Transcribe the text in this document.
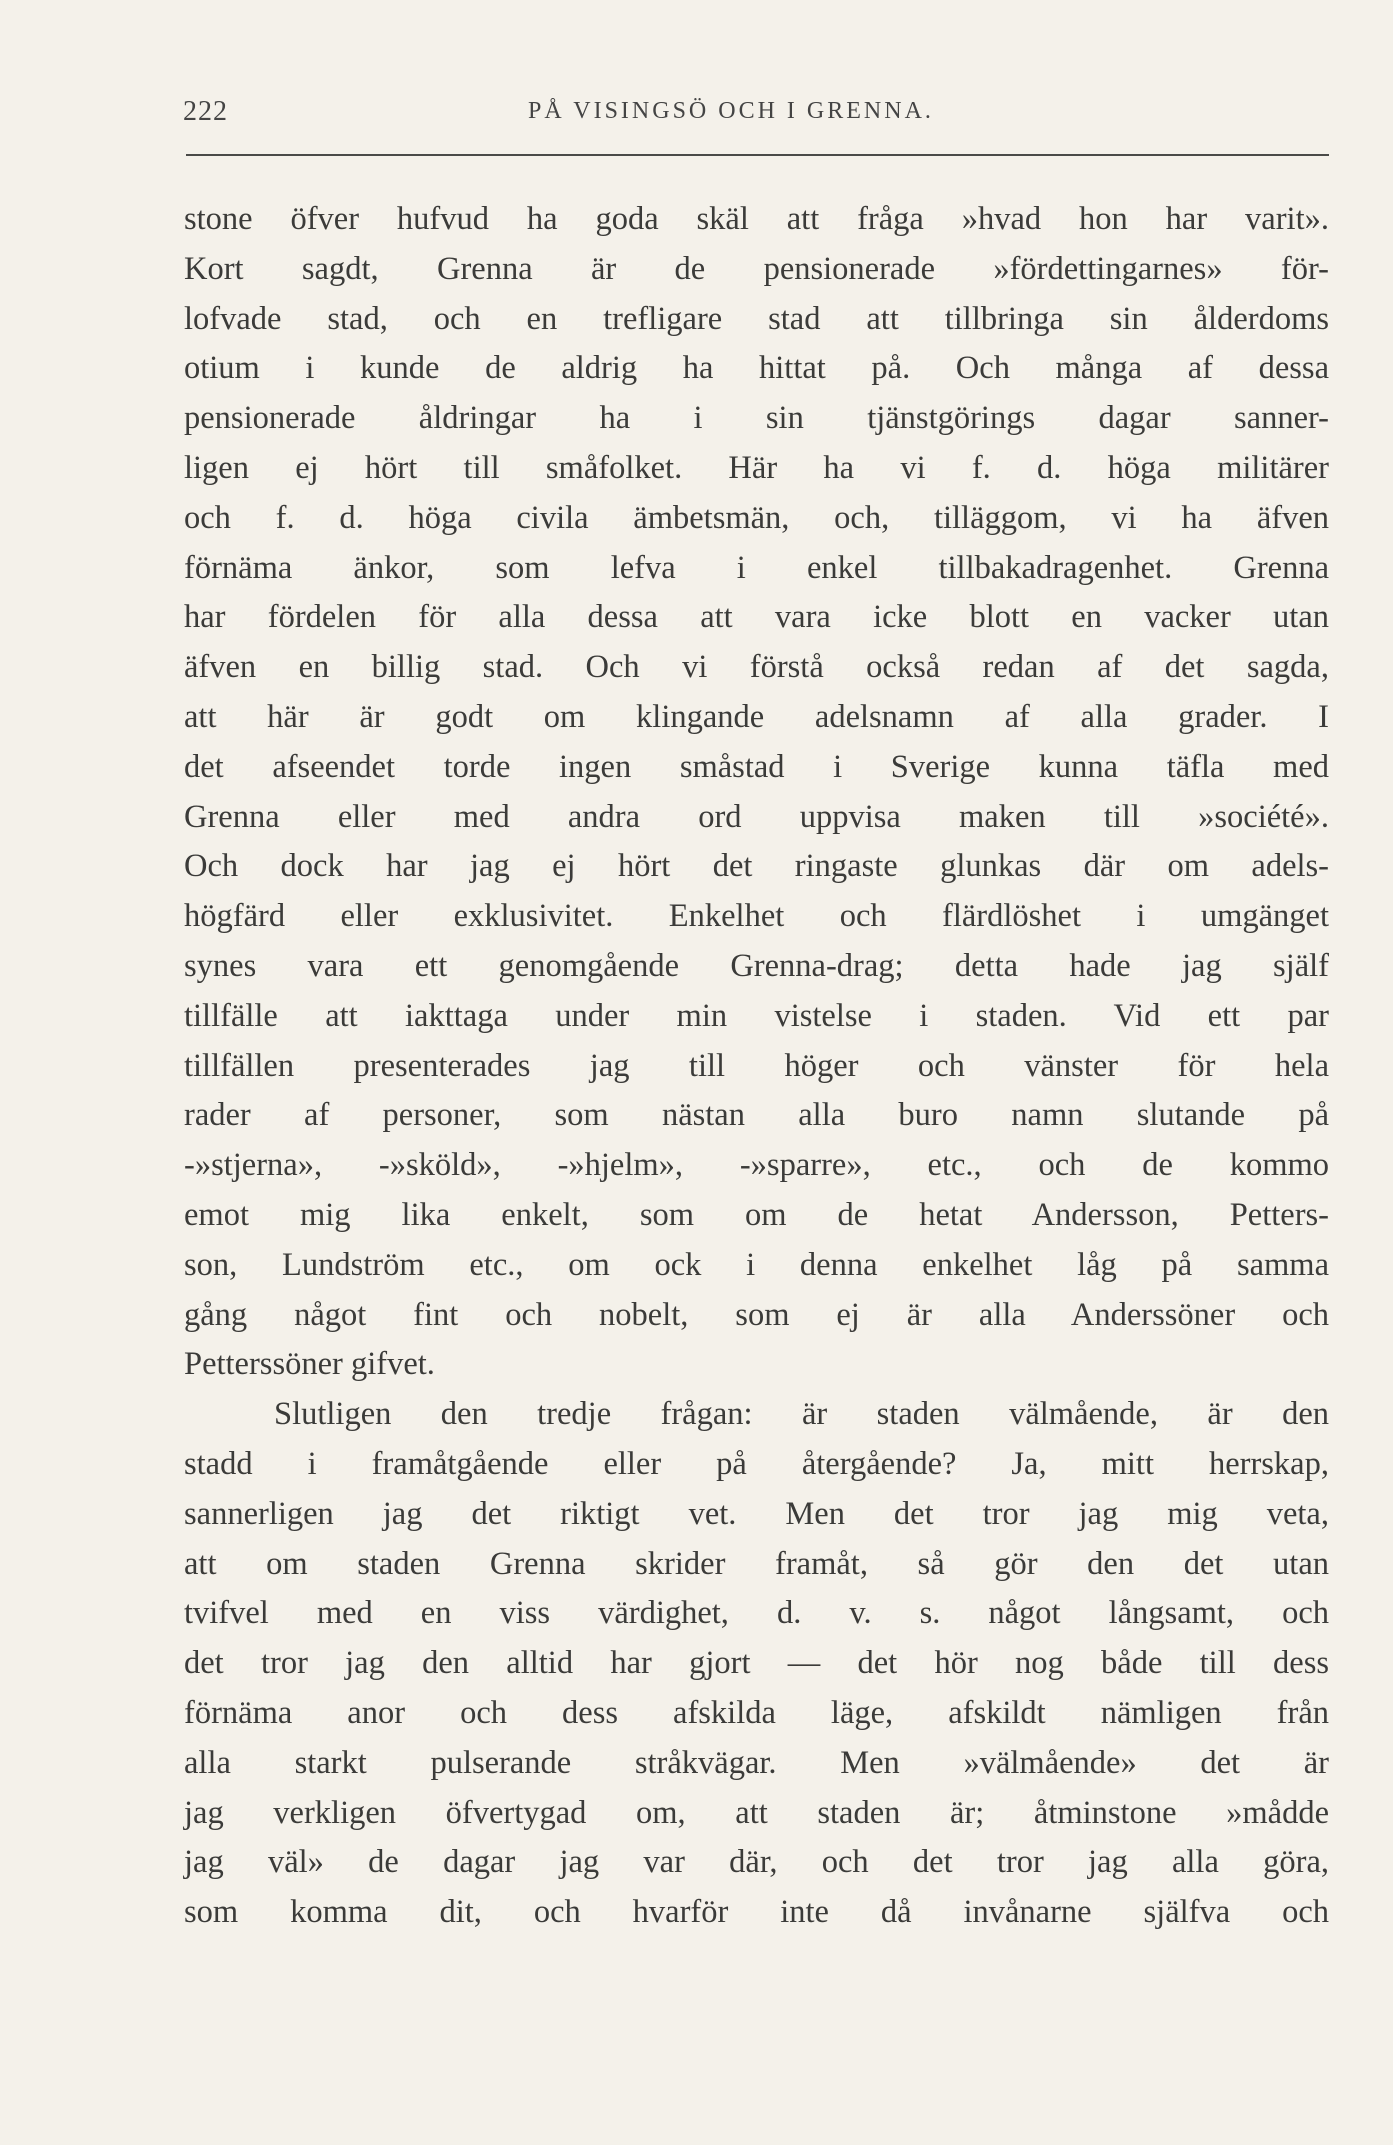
222	PÅ VISINGSÖ OCH I GRENNA.
stone öfver hufvud ha goda skäl att fråga »hvad hon har varit».
Kort sagdt, Grenna är de pensionerade »fördettingarnes» för-
lofvade stad, och en trefligare stad att tillbringa sin ålderdoms
otium i kunde de aldrig ha hittat på. Och många af dessa
pensionerade åldringar ha i sin tjänstgörings dagar sanner-
ligen ej hört till småfolket. Här ha vi f. d. höga militärer
och f. d. höga civila ämbetsmän, och, tilläggom, vi ha äfven
förnäma änkor, som lefva i enkel tillbakadragenhet. Grenna
har fördelen för alla dessa att vara icke blott en vacker utan
äfven en billig stad. Och vi förstå också redan af det sagda,
att här är godt om klingande adelsnamn af alla grader. I
det afseendet torde ingen småstad i Sverige kunna täfla med
Grenna eller med andra ord uppvisa maken till »société».
Och dock har jag ej hört det ringaste glunkas där om adels-
högfärd eller exklusivitet. Enkelhet och flärdlöshet i umgänget
synes vara ett genomgående Grenna-drag; detta hade jag själf
tillfälle att iakttaga under min vistelse i staden. Vid ett par
tillfällen presenterades jag till höger och vänster för hela
rader af personer, som nästan alla buro namn slutande på
-»stjerna», -»sköld», -»hjelm», -»sparre», etc., och de kommo
emot mig lika enkelt, som om de hetat Andersson, Petters-
son, Lundström etc., om ock i denna enkelhet låg på samma
gång något fint och nobelt, som ej är alla Anderssöner och
Petterssöner gifvet.
Slutligen den tredje frågan: är staden välmående, är den
stadd i framåtgående eller på återgående? Ja, mitt herrskap,
sannerligen jag det riktigt vet. Men det tror jag mig veta,
att om staden Grenna skrider framåt, så gör den det utan
tvifvel med en viss värdighet, d. v. s. något långsamt, och
det tror jag den alltid har gjort — det hör nog både till dess
förnäma anor och dess afskilda läge, afskildt nämligen från
alla starkt pulserande stråkvägar. Men »välmående» det är
jag verkligen öfvertygad om, att staden är; åtminstone »mådde
jag väl» de dagar jag var där, och det tror jag alla göra,
som komma dit, och hvarför inte då invånarne själfva och
